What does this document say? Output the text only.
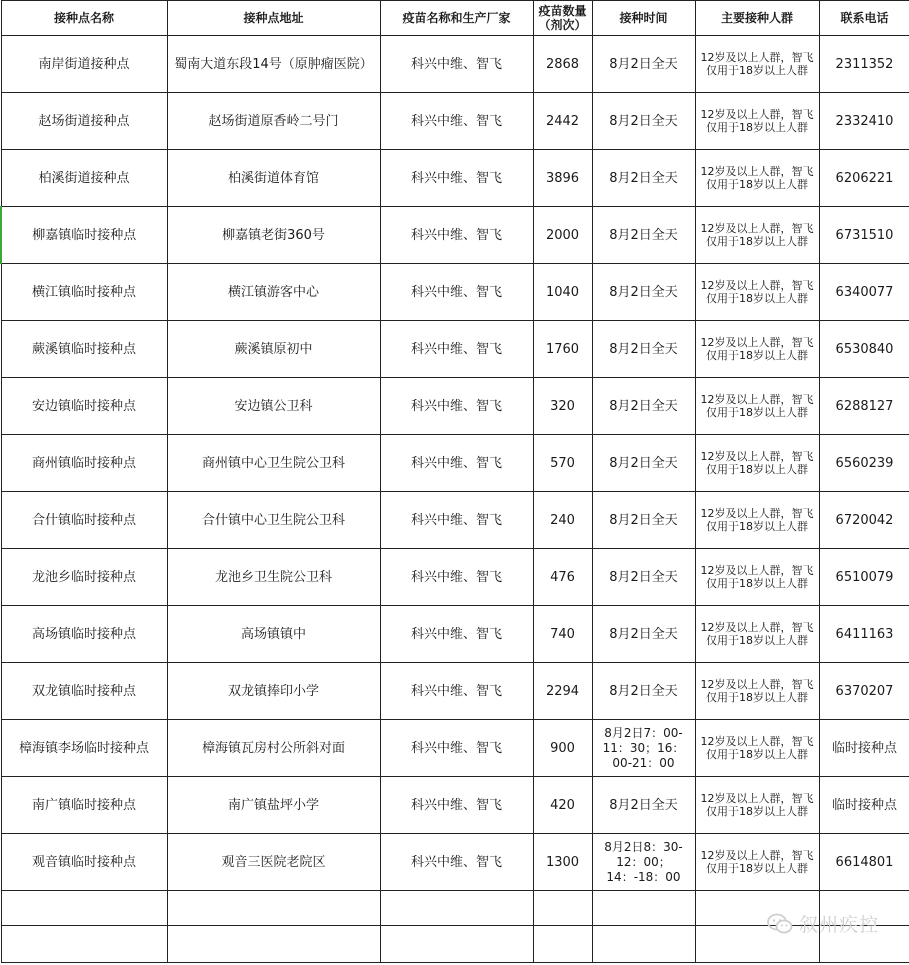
接种点名称	接种点地址	疫苗名称和生产厂家	疫苗数量（剂次）	接种时间	主要接种人群	联系电话
南岸街道接种点	蜀南大道东段14号（原肿瘤医院）	科兴中维、智飞	2868	8月2日全天	12岁及以上人群，智飞仅用于18岁以上人群	2311352
赵场街道接种点	赵场街道原香岭二号门	科兴中维、智飞	2442	8月2日全天	12岁及以上人群，智飞仅用于18岁以上人群	2332410
柏溪街道接种点	柏溪街道体育馆	科兴中维、智飞	3896	8月2日全天	12岁及以上人群，智飞仅用于18岁以上人群	6206221
柳嘉镇临时接种点	柳嘉镇老街360号	科兴中维、智飞	2000	8月2日全天	12岁及以上人群，智飞仅用于18岁以上人群	6731510
横江镇临时接种点	横江镇游客中心	科兴中维、智飞	1040	8月2日全天	12岁及以上人群，智飞仅用于18岁以上人群	6340077
蕨溪镇临时接种点	蕨溪镇原初中	科兴中维、智飞	1760	8月2日全天	12岁及以上人群，智飞仅用于18岁以上人群	6530840
安边镇临时接种点	安边镇公卫科	科兴中维、智飞	320	8月2日全天	12岁及以上人群，智飞仅用于18岁以上人群	6288127
商州镇临时接种点	商州镇中心卫生院公卫科	科兴中维、智飞	570	8月2日全天	12岁及以上人群，智飞仅用于18岁以上人群	6560239
合什镇临时接种点	合什镇中心卫生院公卫科	科兴中维、智飞	240	8月2日全天	12岁及以上人群，智飞仅用于18岁以上人群	6720042
龙池乡临时接种点	龙池乡卫生院公卫科	科兴中维、智飞	476	8月2日全天	12岁及以上人群，智飞仅用于18岁以上人群	6510079
高场镇临时接种点	高场镇镇中	科兴中维、智飞	740	8月2日全天	12岁及以上人群，智飞仅用于18岁以上人群	6411163
双龙镇临时接种点	双龙镇捧印小学	科兴中维、智飞	2294	8月2日全天	12岁及以上人群，智飞仅用于18岁以上人群	6370207
樟海镇李场临时接种点	樟海镇瓦房村公所斜对面	科兴中维、智飞	900	8月2日7：00-11：30；16：00-21：00	12岁及以上人群，智飞仅用于18岁以上人群	临时接种点
南广镇临时接种点	南广镇盐坪小学	科兴中维、智飞	420	8月2日全天	12岁及以上人群，智飞仅用于18岁以上人群	临时接种点
观音镇临时接种点	观音三医院老院区	科兴中维、智飞	1300	8月2日8：30-12：00；14：-18：00	12岁及以上人群，智飞仅用于18岁以上人群	6614801

叙州疾控
